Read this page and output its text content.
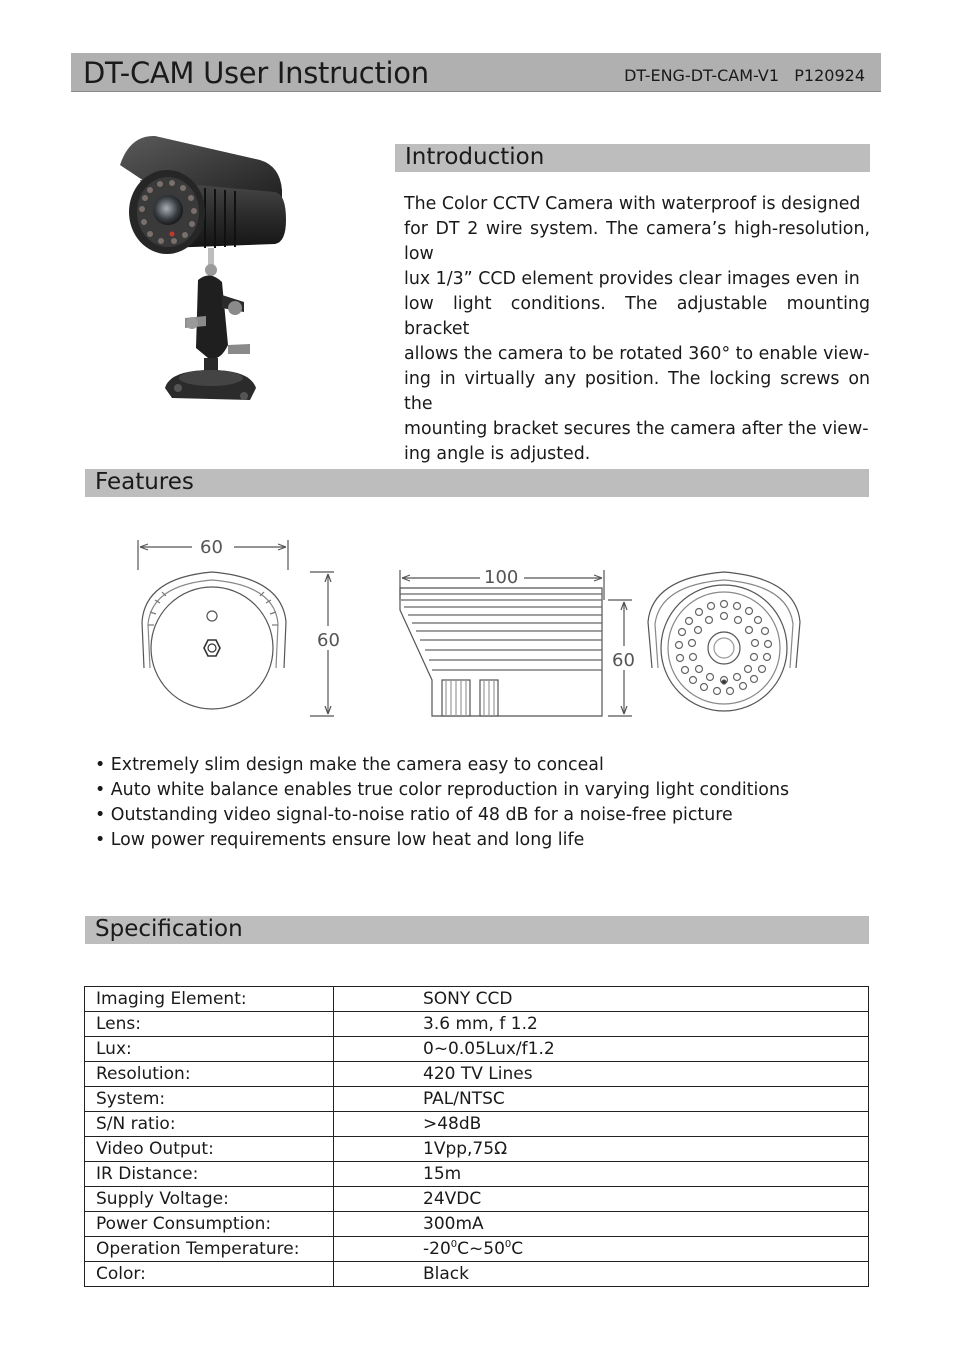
DT-CAM User Instruction	DT-ENG-DT-CAM-V1   P120924
Introduction
The Color CCTV Camera with waterproof is designed
for DT 2 wire system. The camera’s high-resolution, low
lux 1/3” CCD element provides clear images even in
low light conditions. The adjustable mounting bracket
allows the camera to be rotated 360° to enable view-
ing in virtually any position. The locking screws on the
mounting bracket secures the camera after the view-
ing angle is adjusted.
Features
60
60
100
60
• Extremely slim design make the camera easy to conceal
• Auto white balance enables true color reproduction in varying light conditions
• Outstanding video signal-to-noise ratio of 48 dB for a noise-free picture
• Low power requirements ensure low heat and long life
Specification
Imaging Element:	SONY CCD
Lens:	3.6 mm, f 1.2
Lux:	0~0.05Lux/f1.2
Resolution:	420 TV Lines
System:	PAL/NTSC
S/N ratio:	>48dB
Video Output:	1Vpp,75Ω
IR Distance:	15m
Supply Voltage:	24VDC
Power Consumption:	300mA
Operation Temperature:	$-20^0C\sim 50^0C$
Color:	Black
